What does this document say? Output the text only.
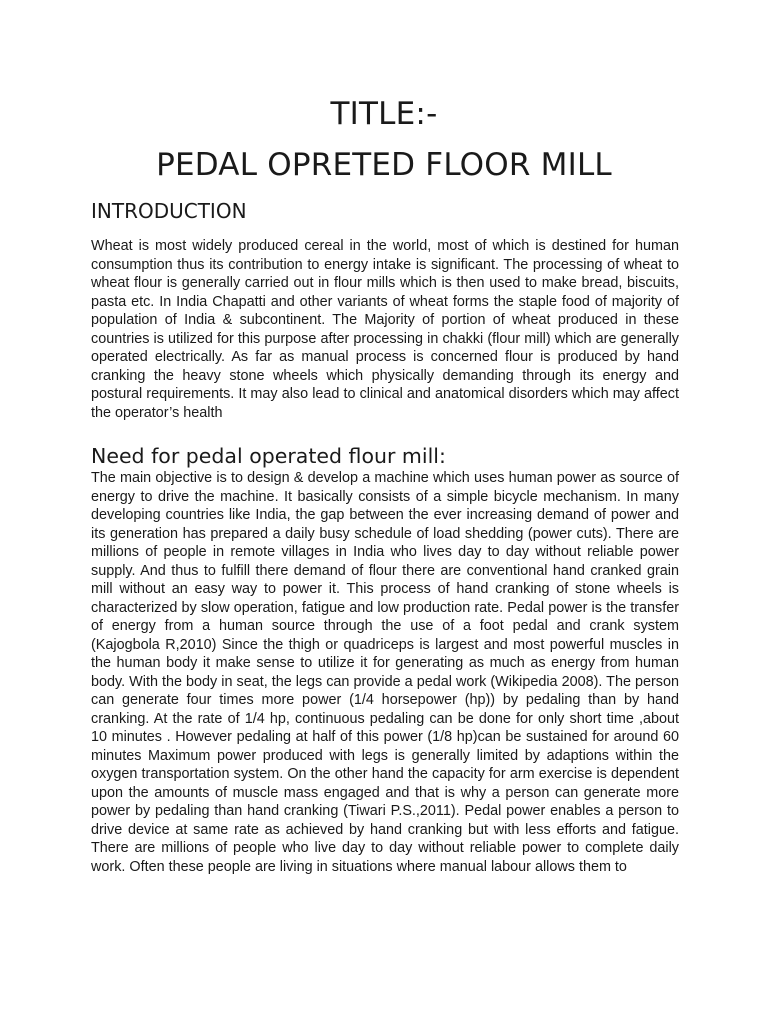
TITLE:-
PEDAL OPRETED FLOOR MILL
INTRODUCTION

Wheat is most widely produced cereal in the world, most of which is destined for human consumption thus its contribution to energy intake is significant. The processing of wheat to wheat flour is generally carried out in flour mills which is then used to make bread, biscuits, pasta etc. In India Chapatti and other variants of wheat forms the staple food of majority of population of India & subcontinent. The Majority of portion of wheat produced in these countries is utilized for this purpose after processing in chakki (flour mill) which are generally operated electrically. As far as manual process is concerned flour is produced by hand cranking the heavy stone wheels which physically demanding through its energy and postural requirements. It may also lead to clinical and anatomical disorders which may affect the operator’s health

Need for pedal operated flour mill:

The main objective is to design & develop a machine which uses human power as source of energy to drive the machine. It basically consists of a simple bicycle mechanism. In many developing countries like India, the gap between the ever increasing demand of power and its generation has prepared a daily busy schedule of load shedding (power cuts). There are millions of people in remote villages in India who lives day to day without reliable power supply. And thus to fulfill there demand of flour there are conventional hand cranked grain mill without an easy way to power it. This process of hand cranking of stone wheels is characterized by slow operation, fatigue and low production rate. Pedal power is the transfer of energy from a human source through the use of a foot pedal and crank system (Kajogbola R,2010) Since the thigh or quadriceps is largest and most powerful muscles in the human body it make sense to utilize it for generating as much as energy from human body. With the body in seat, the legs can provide a pedal work (Wikipedia 2008). The person can generate four times more power (1/4 horsepower (hp)) by pedaling than by hand cranking. At the rate of 1/4 hp, continuous pedaling can be done for only short time ,about 10 minutes . However pedaling at half of this power (1/8 hp)can be sustained for around 60 minutes Maximum power produced with legs is generally limited by adaptions within the oxygen transportation system. On the other hand the capacity for arm exercise is dependent upon the amounts of muscle mass engaged and that is why a person can generate more power by pedaling than hand cranking (Tiwari P.S.,2011). Pedal power enables a person to drive device at same rate as achieved by hand cranking but with less efforts and fatigue. There are millions of people who live day to day without reliable power to complete daily work. Often these people are living in situations where manual labour allows them to
